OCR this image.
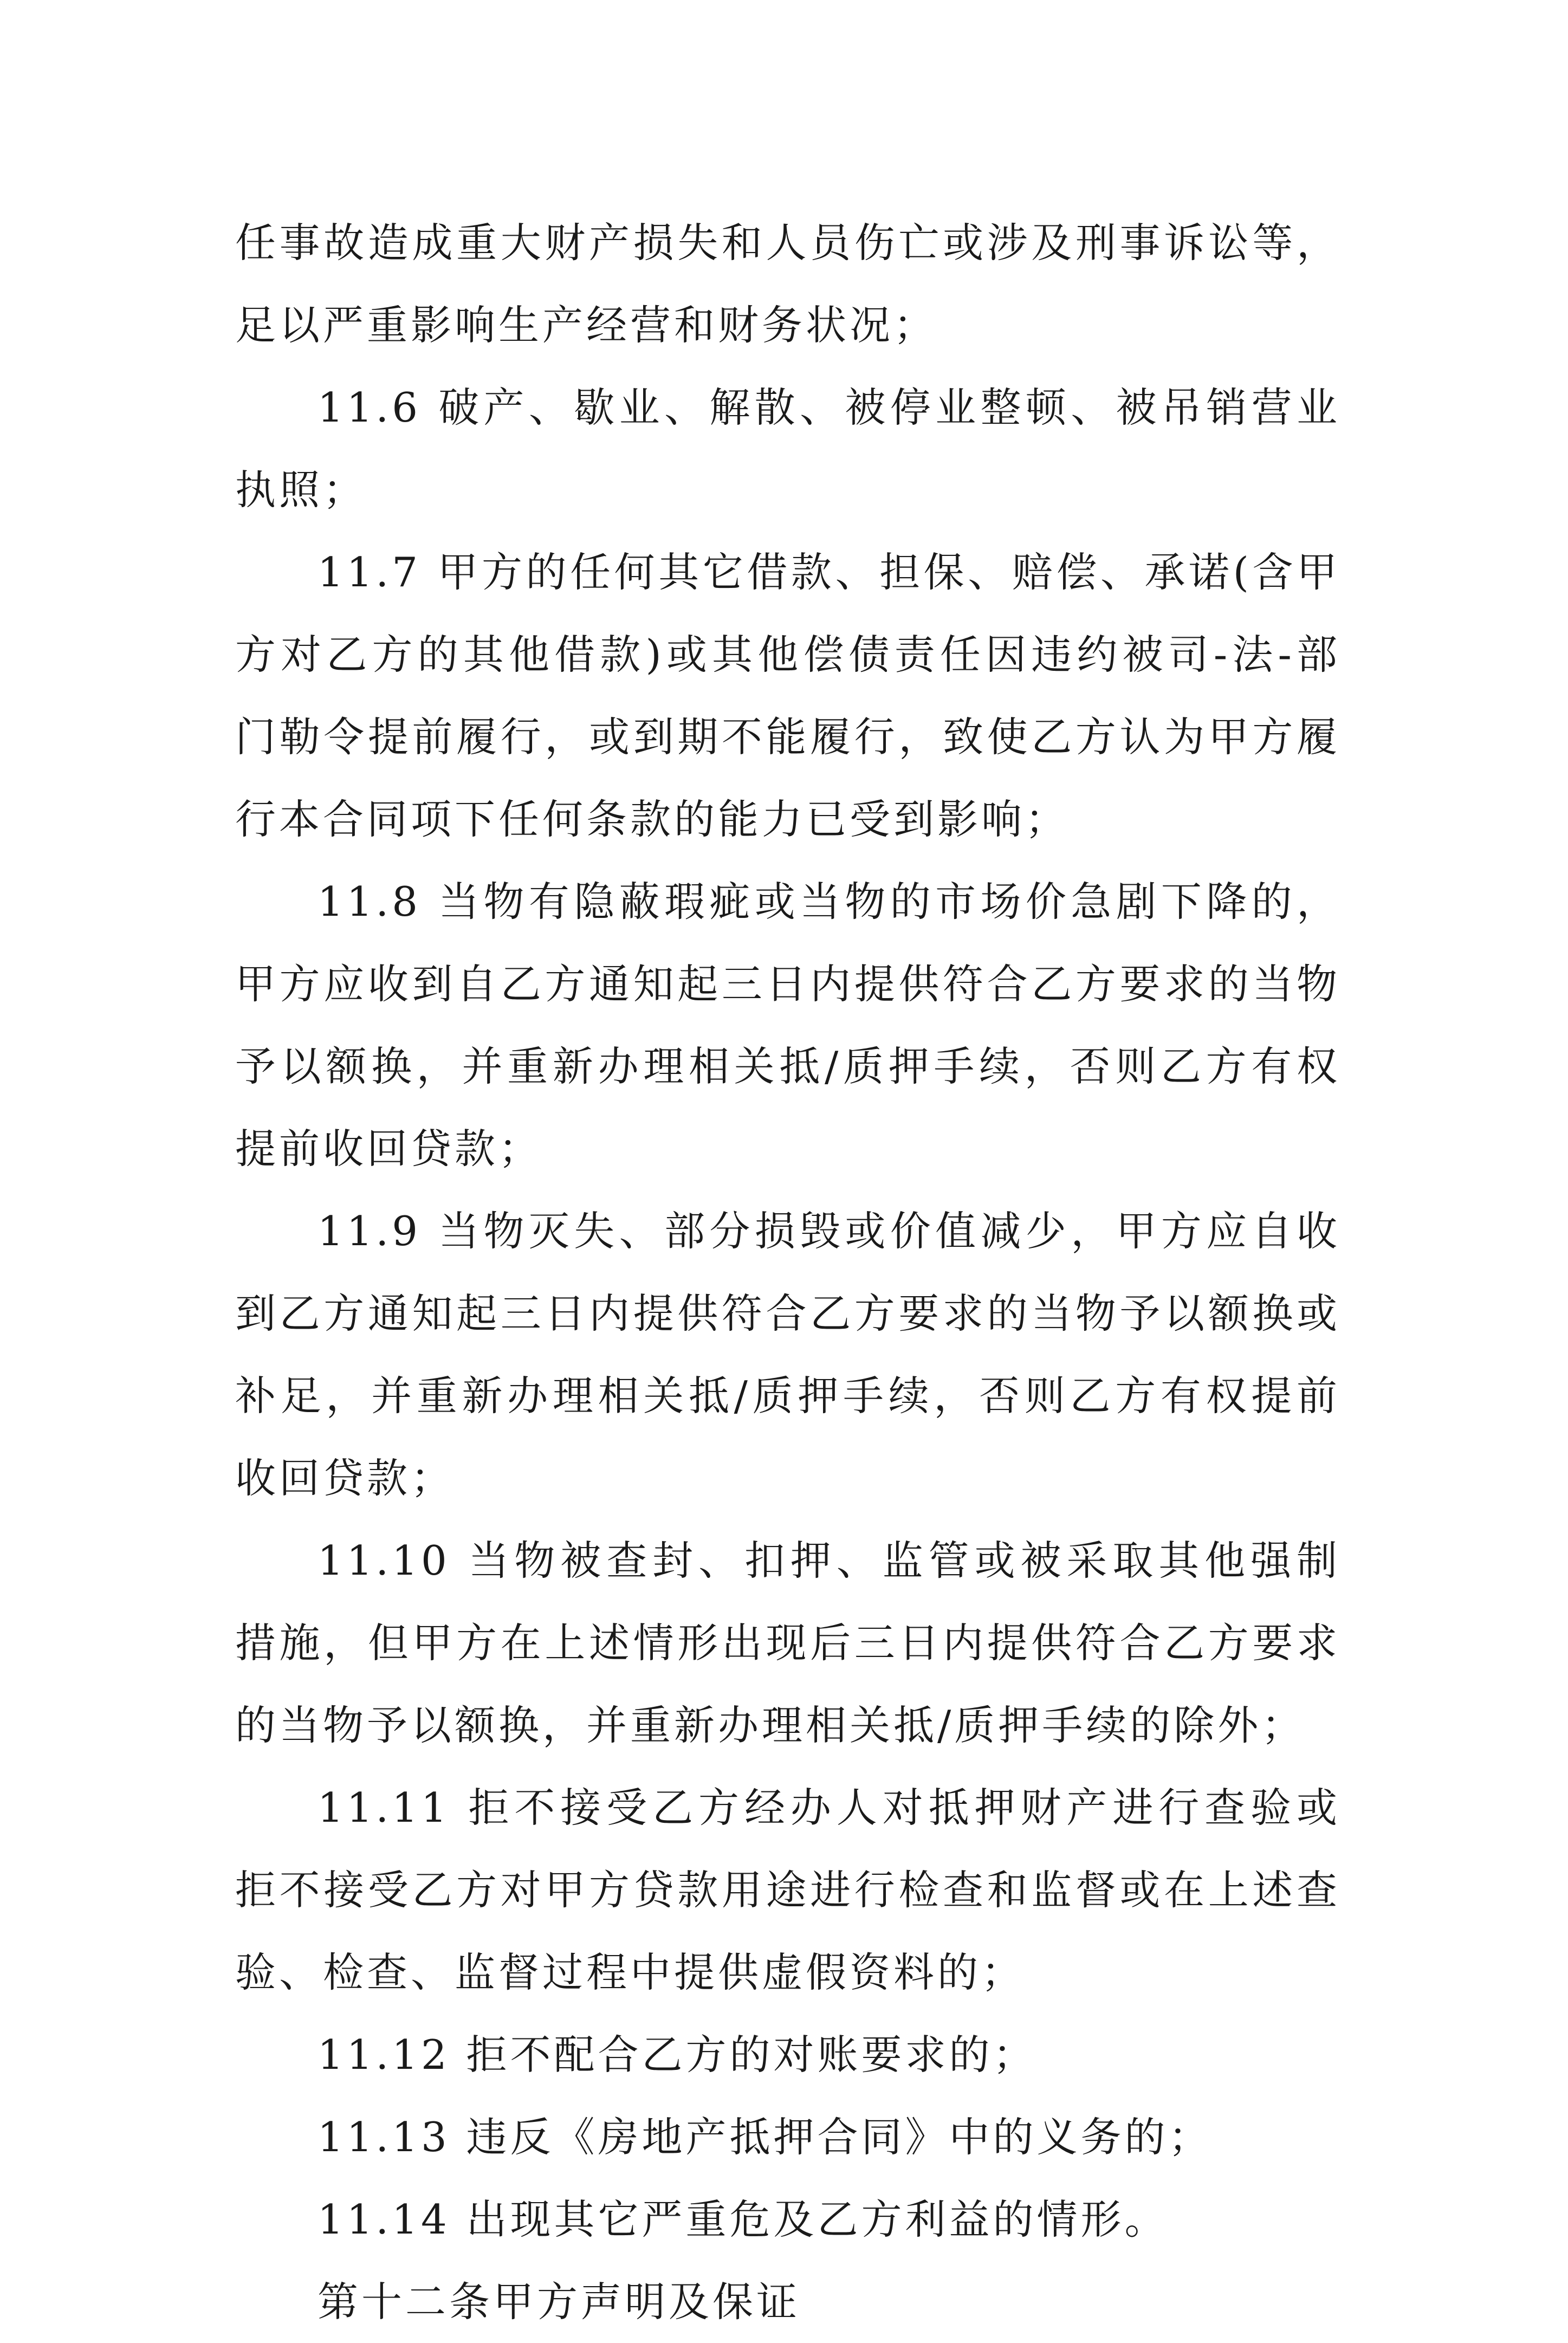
任事故造成重大财产损失和人员伤亡或涉及刑事诉讼等，足以严重影响生产经营和财务状况；

11.6 破产、歇业、解散、被停业整顿、被吊销营业执照；

11.7 甲方的任何其它借款、担保、赔偿、承诺(含甲方对乙方的其他借款)或其他偿债责任因违约被司-法-部门勒令提前履行，或到期不能履行，致使乙方认为甲方履行本合同项下任何条款的能力已受到影响；

11.8 当物有隐蔽瑕疵或当物的市场价急剧下降的，甲方应收到自乙方通知起三日内提供符合乙方要求的当物予以额换，并重新办理相关抵/质押手续，否则乙方有权提前收回贷款；

11.9 当物灭失、部分损毁或价值减少，甲方应自收到乙方通知起三日内提供符合乙方要求的当物予以额换或补足，并重新办理相关抵/质押手续，否则乙方有权提前收回贷款；

11.10 当物被查封、扣押、监管或被采取其他强制措施，但甲方在上述情形出现后三日内提供符合乙方要求的当物予以额换，并重新办理相关抵/质押手续的除外；

11.11 拒不接受乙方经办人对抵押财产进行查验或拒不接受乙方对甲方贷款用途进行检查和监督或在上述查验、检查、监督过程中提供虚假资料的；

11.12 拒不配合乙方的对账要求的；

11.13 违反《房地产抵押合同》中的义务的；

11.14 出现其它严重危及乙方利益的情形。

第十二条甲方声明及保证
